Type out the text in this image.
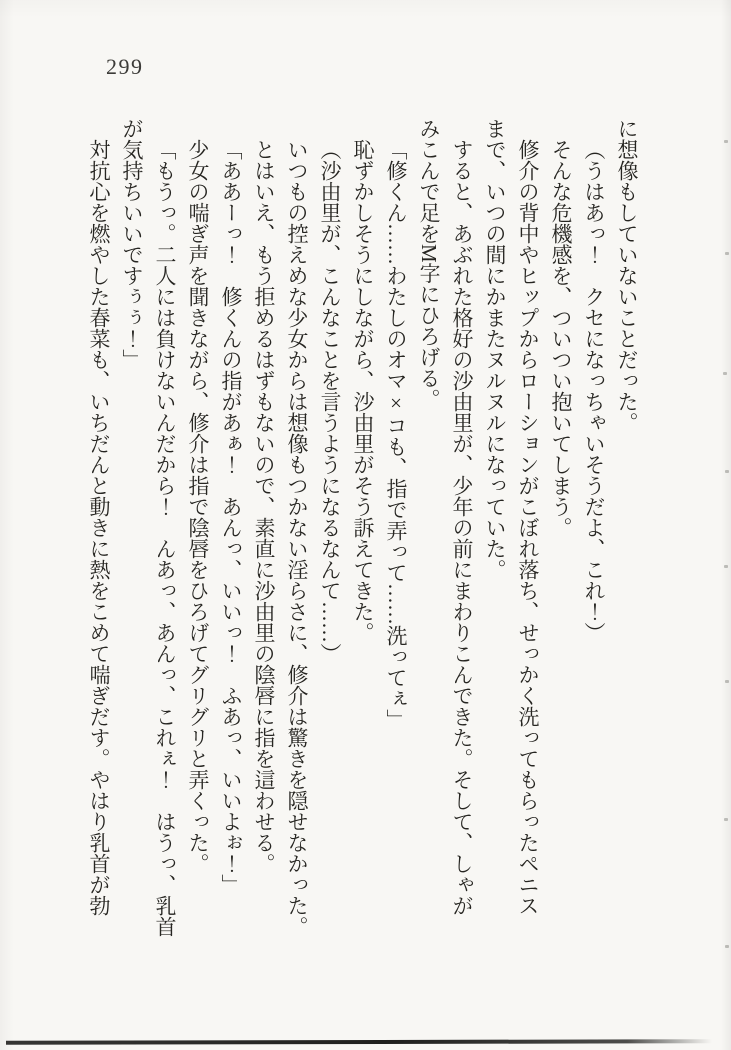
299
に想像もしていないことだった。
（うはあっ！　クセになっちゃいそうだよ、これ！）
そんな危機感を、ついつい抱いてしまう。
修介の背中やヒップからローションがこぼれ落ち、せっかく洗ってもらったペニス
まで、いつの間にかまたヌルヌルになっていた。
すると、あぶれた格好の沙由里が、少年の前にまわりこんできた。そして、しゃが
みこんで足をM字にひろげる。
「修くん……わたしのオマ×コも、指で弄って……洗ってぇ」
恥ずかしそうにしながら、沙由里がそう訴えてきた。
（沙由里が、こんなことを言うようになるなんて……）
いつもの控えめな少女からは想像もつかない淫らさに、修介は驚きを隠せなかった。
とはいえ、もう拒めるはずもないので、素直に沙由里の陰唇に指を這わせる。
「ああーっ！　修くんの指があぁ！　あんっ、いいっ！　ふあっ、いいよぉ！」
少女の喘ぎ声を聞きながら、修介は指で陰唇をひろげてグリグリと弄くった。
「もうっ。二人には負けないんだから！　んあっ、あんっ、これぇ！　はうっ、乳首
が気持ちいいですぅぅ！」
対抗心を燃やした春菜も、いちだんと動きに熱をこめて喘ぎだす。やはり乳首が勃
